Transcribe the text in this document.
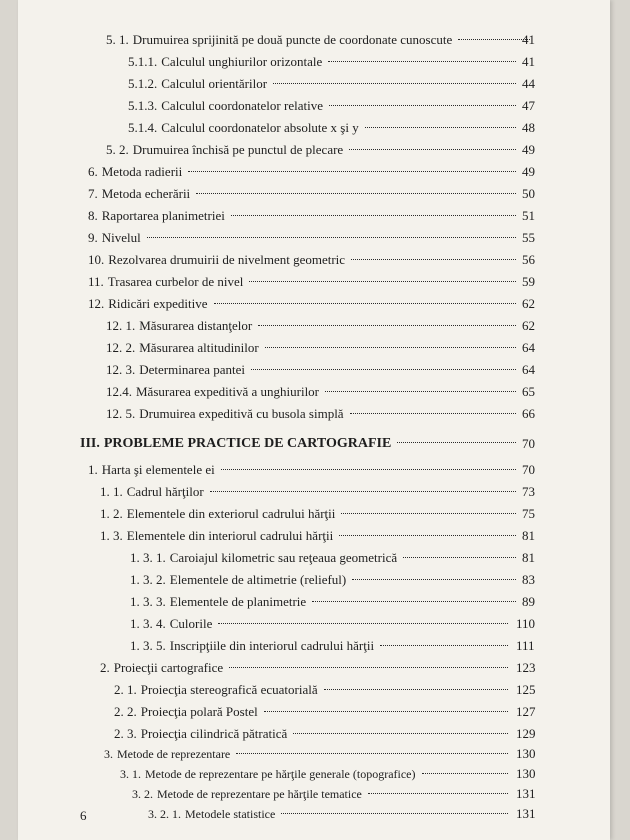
5. 1. Drumuirea sprijinită pe două puncte de coordonate cunoscute	41
5.1.1. Calculul unghiurilor orizontale	41
5.1.2. Calculul orientărilor	44
5.1.3. Calculul coordonatelor relative	47
5.1.4. Calculul coordonatelor absolute x şi y	48
5. 2. Drumuirea închisă pe punctul de plecare	49
6. Metoda radierii	49
7. Metoda echerării	50
8. Raportarea planimetriei	51
9. Nivelul	55
10. Rezolvarea drumuirii de nivelment geometric	56
11. Trasarea curbelor de nivel	59
12. Ridicări expeditive	62
12. 1. Măsurarea distanţelor	62
12. 2. Măsurarea altitudinilor	64
12. 3. Determinarea pantei	64
12.4. Măsurarea expeditivă a unghiurilor	65
12. 5. Drumuirea expeditivă cu busola simplă	66
III. PROBLEME PRACTICE DE CARTOGRAFIE	70
1. Harta şi elementele ei	70
1. 1. Cadrul hărţilor	73
1. 2. Elementele din exteriorul cadrului hărţii	75
1. 3. Elementele din interiorul cadrului hărţii	81
1. 3. 1. Caroiajul kilometric sau reţeaua geometrică	81
1. 3. 2. Elementele de altimetrie (relieful)	83
1. 3. 3. Elementele de planimetrie	89
1. 3. 4. Culorile	110
1. 3. 5. Inscripţiile din interiorul cadrului hărţii	111
2. Proiecţii cartografice	123
2. 1. Proiecţia stereografică ecuatorială	125
2. 2. Proiecţia polară Postel	127
2. 3. Proiecţia cilindrică pătratică	129
3. Metode de reprezentare	130
3. 1. Metode de reprezentare pe hărţile generale (topografice)	130
3. 2. Metode de reprezentare pe hărţile tematice	131
3. 2. 1. Metodele statistice	131
6
